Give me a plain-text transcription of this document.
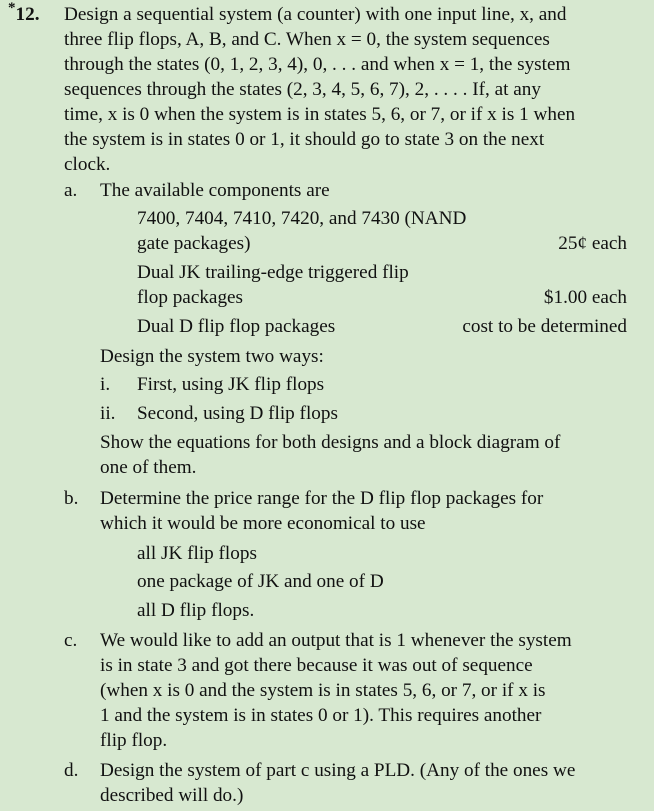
*12. Design a sequential system (a counter) with one input line, x, and
three flip flops, A, B, and C. When x = 0, the system sequences
through the states (0, 1, 2, 3, 4), 0, . . . and when x = 1, the system
sequences through the states (2, 3, 4, 5, 6, 7), 2, . . . . If, at any
time, x is 0 when the system is in states 5, 6, or 7, or if x is 1 when
the system is in states 0 or 1, it should go to state 3 on the next
clock.
a. The available components are
7400, 7404, 7410, 7420, and 7430 (NAND
gate packages)	25¢ each
Dual JK trailing-edge triggered flip
flop packages	$1.00 each
Dual D flip flop packages	cost to be determined
Design the system two ways:
i. First, using JK flip flops
ii. Second, using D flip flops
Show the equations for both designs and a block diagram of
one of them.
b. Determine the price range for the D flip flop packages for
which it would be more economical to use
all JK flip flops
one package of JK and one of D
all D flip flops.
c. We would like to add an output that is 1 whenever the system
is in state 3 and got there because it was out of sequence
(when x is 0 and the system is in states 5, 6, or 7, or if x is
1 and the system is in states 0 or 1). This requires another
flip flop.
d. Design the system of part c using a PLD. (Any of the ones we
described will do.)
